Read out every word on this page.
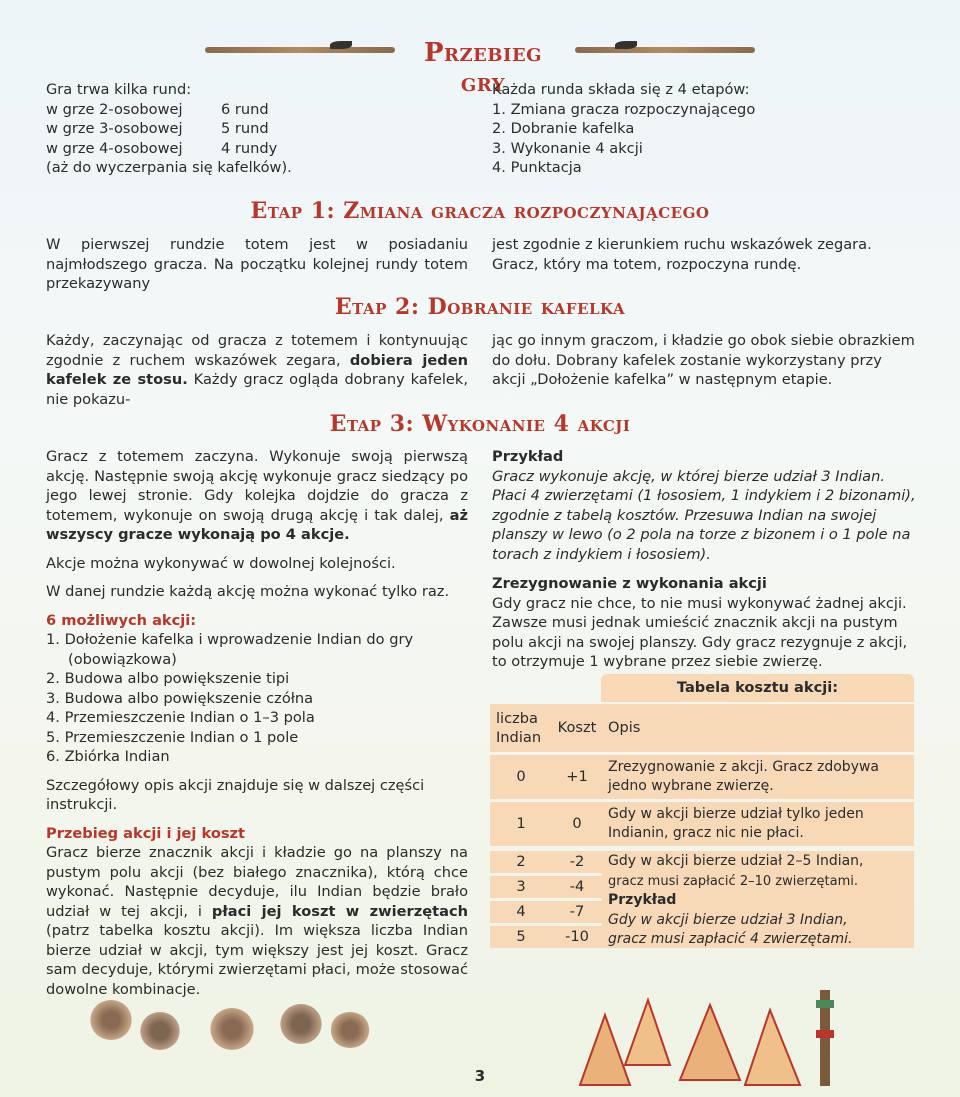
Przebieg gry

Gra trwa kilka rund:

w grze 2-osobowej	6 rund
w grze 3-osobowej	5 rund
w grze 4-osobowej	4 rundy

(aż do wyczerpania się kafelków).

Każda runda składa się z 4 etapów:

1. Zmiana gracza rozpoczynającego

2. Dobranie kafelka

3. Wykonanie 4 akcji

4. Punktacja

Etap 1: Zmiana gracza rozpoczynającego
W pierwszej rundzie totem jest w posiadaniu najmłodszego gracza. Na początku kolejnej rundy totem przekazywany
jest zgodnie z kierunkiem ruchu wskazówek zegara. Gracz, który ma totem, rozpoczyna rundę.
Etap 2: Dobranie kafelka
Każdy, zaczynając od gracza z totemem i kontynuując zgodnie z ruchem wskazówek zegara, dobiera jeden kafelek ze stosu. Każdy gracz ogląda dobrany kafelek, nie pokazu-
jąc go innym graczom, i kładzie go obok siebie obrazkiem do dołu. Dobrany kafelek zostanie wykorzystany przy akcji „Dołożenie kafelka” w następnym etapie.
Etap 3: Wykonanie 4 akcji

Gracz z totemem zaczyna. Wykonuje swoją pierwszą akcję. Następnie swoją akcję wykonuje gracz siedzący po jego lewej stronie. Gdy kolejka dojdzie do gracza z totemem, wykonuje on swoją drugą akcję i tak dalej, aż wszyscy gracze wykonają po 4 akcje.

Akcje można wykonywać w dowolnej kolejności.

W danej rundzie każdą akcję można wykonać tylko raz.

6 możliwych akcji:

1. Dołożenie kafelka i wprowadzenie Indian do gry (obowiązkowa)
2. Budowa albo powiększenie tipi
3. Budowa albo powiększenie czółna
4. Przemieszczenie Indian o 1–3 pola
5. Przemieszczenie Indian o 1 pole
6. Zbiórka Indian

Szczegółowy opis akcji znajduje się w dalszej części instrukcji.

Przebieg akcji i jej koszt

Gracz bierze znacznik akcji i kładzie go na planszy na pustym polu akcji (bez białego znacznika), którą chce wykonać. Następnie decyduje, ilu Indian będzie brało udział w tej akcji, i płaci jej koszt w zwierzętach (patrz tabelka kosztu akcji). Im większa liczba Indian bierze udział w akcji, tym większy jest jej koszt. Gracz sam decyduje, którymi zwierzętami płaci, może stosować dowolne kombinacje.

Przykład

Gracz wykonuje akcję, w której bierze udział 3 Indian. Płaci 4 zwierzętami (1 łososiem, 1 indykiem i 2 bizonami), zgodnie z tabelą kosztów. Przesuwa Indian na swojej planszy w lewo (o 2 pola na torze z bizonem i o 1 pole na torach z indykiem i łososiem).

Zrezygnowanie z wykonania akcji

Gdy gracz nie chce, to nie musi wykonywać żadnej akcji. Zawsze musi jednak umieścić znacznik akcji na pustym polu akcji na swojej planszy. Gdy gracz rezygnuje z akcji, to otrzymuje 1 wybrane przez siebie zwierzę.

Tabela kosztu akcji:
liczba Indian
Koszt Opis
0	+1
Zrezygnowanie z akcji. Gracz zdobywa jedno wybrane zwierzę.
1	0
Gdy w akcji bierze udział tylko jeden Indianin, gracz nic nie płaci.
2	-2
3	-4
4	-7
5	-10
Gdy w akcji bierze udział 2–5 Indian,
gracz musi zapłacić 2–10 zwierzętami.
Przykład
Gdy w akcji bierze udział 3 Indian,
gracz musi zapłacić 4 zwierzętami.
3
